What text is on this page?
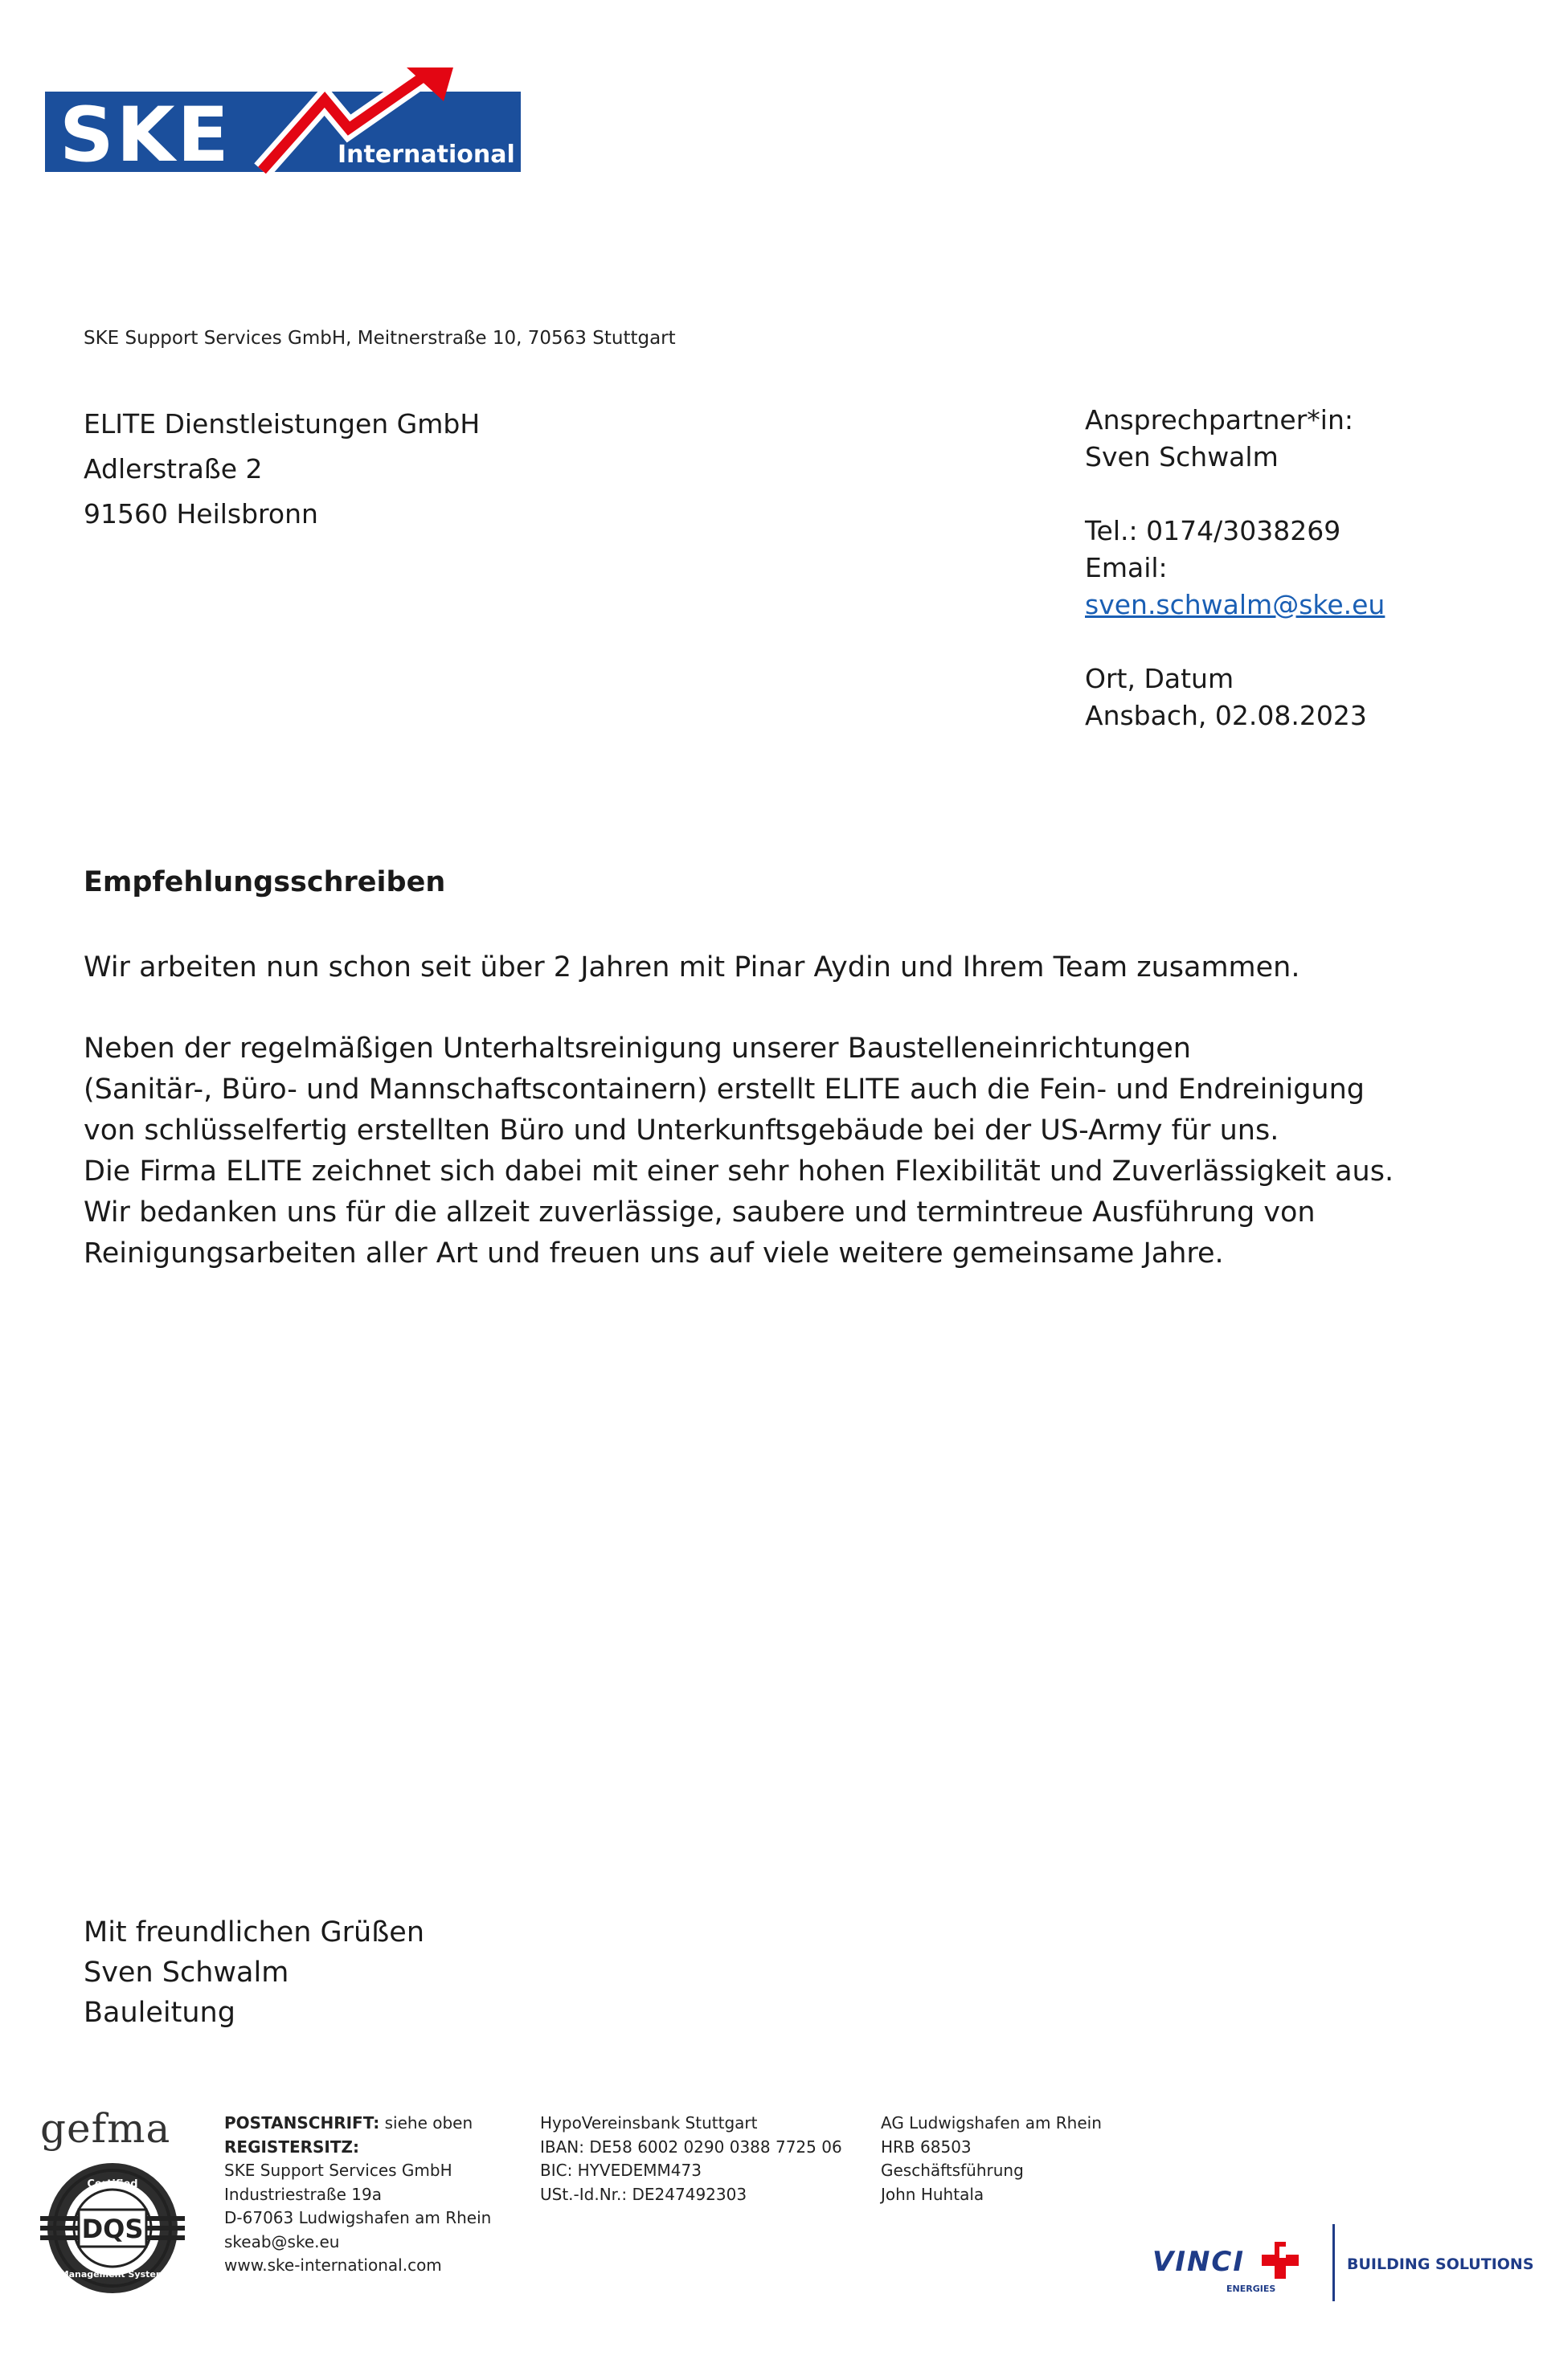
SKE	International
SKE Support Services GmbH, Meitnerstraße 10, 70563 Stuttgart
ELITE Dienstleistungen GmbH
Adlerstraße 2
91560 Heilsbronn
Ansprechpartner*in:
Sven Schwalm
Tel.: 0174/3038269
Email:
sven.schwalm@ske.eu
Ort, Datum
Ansbach, 02.08.2023
Empfehlungsschreiben
Wir arbeiten nun schon seit über 2 Jahren mit Pinar Aydin und Ihrem Team zusammen.
Neben der regelmäßigen Unterhaltsreinigung unserer Baustelleneinrichtungen
(Sanitär-, Büro- und Mannschaftscontainern) erstellt ELITE auch die Fein- und Endreinigung
von schlüsselfertig erstellten Büro und Unterkunftsgebäude bei der US-Army für uns.
Die Firma ELITE zeichnet sich dabei mit einer sehr hohen Flexibilität und Zuverlässigkeit aus.
Wir bedanken uns für die allzeit zuverlässige, saubere und termintreue Ausführung von
Reinigungsarbeiten aller Art und freuen uns auf viele weitere gemeinsame Jahre.
Mit freundlichen Grüßen
Sven Schwalm
Bauleitung
gefma
DQS
Certified
Management System
POSTANSCHRIFT: siehe oben
REGISTERSITZ:
SKE Support Services GmbH
Industriestraße 19a
D-67063 Ludwigshafen am Rhein
skeab@ske.eu
www.ske-international.com
HypoVereinsbank Stuttgart
IBAN: DE58 6002 0290 0388 7725 06
BIC: HYVEDEMM473
USt.-Id.Nr.: DE247492303
AG Ludwigshafen am Rhein
HRB 68503
Geschäftsführung
John Huhtala
VINCI
ENERGIES
BUILDING SOLUTIONS
